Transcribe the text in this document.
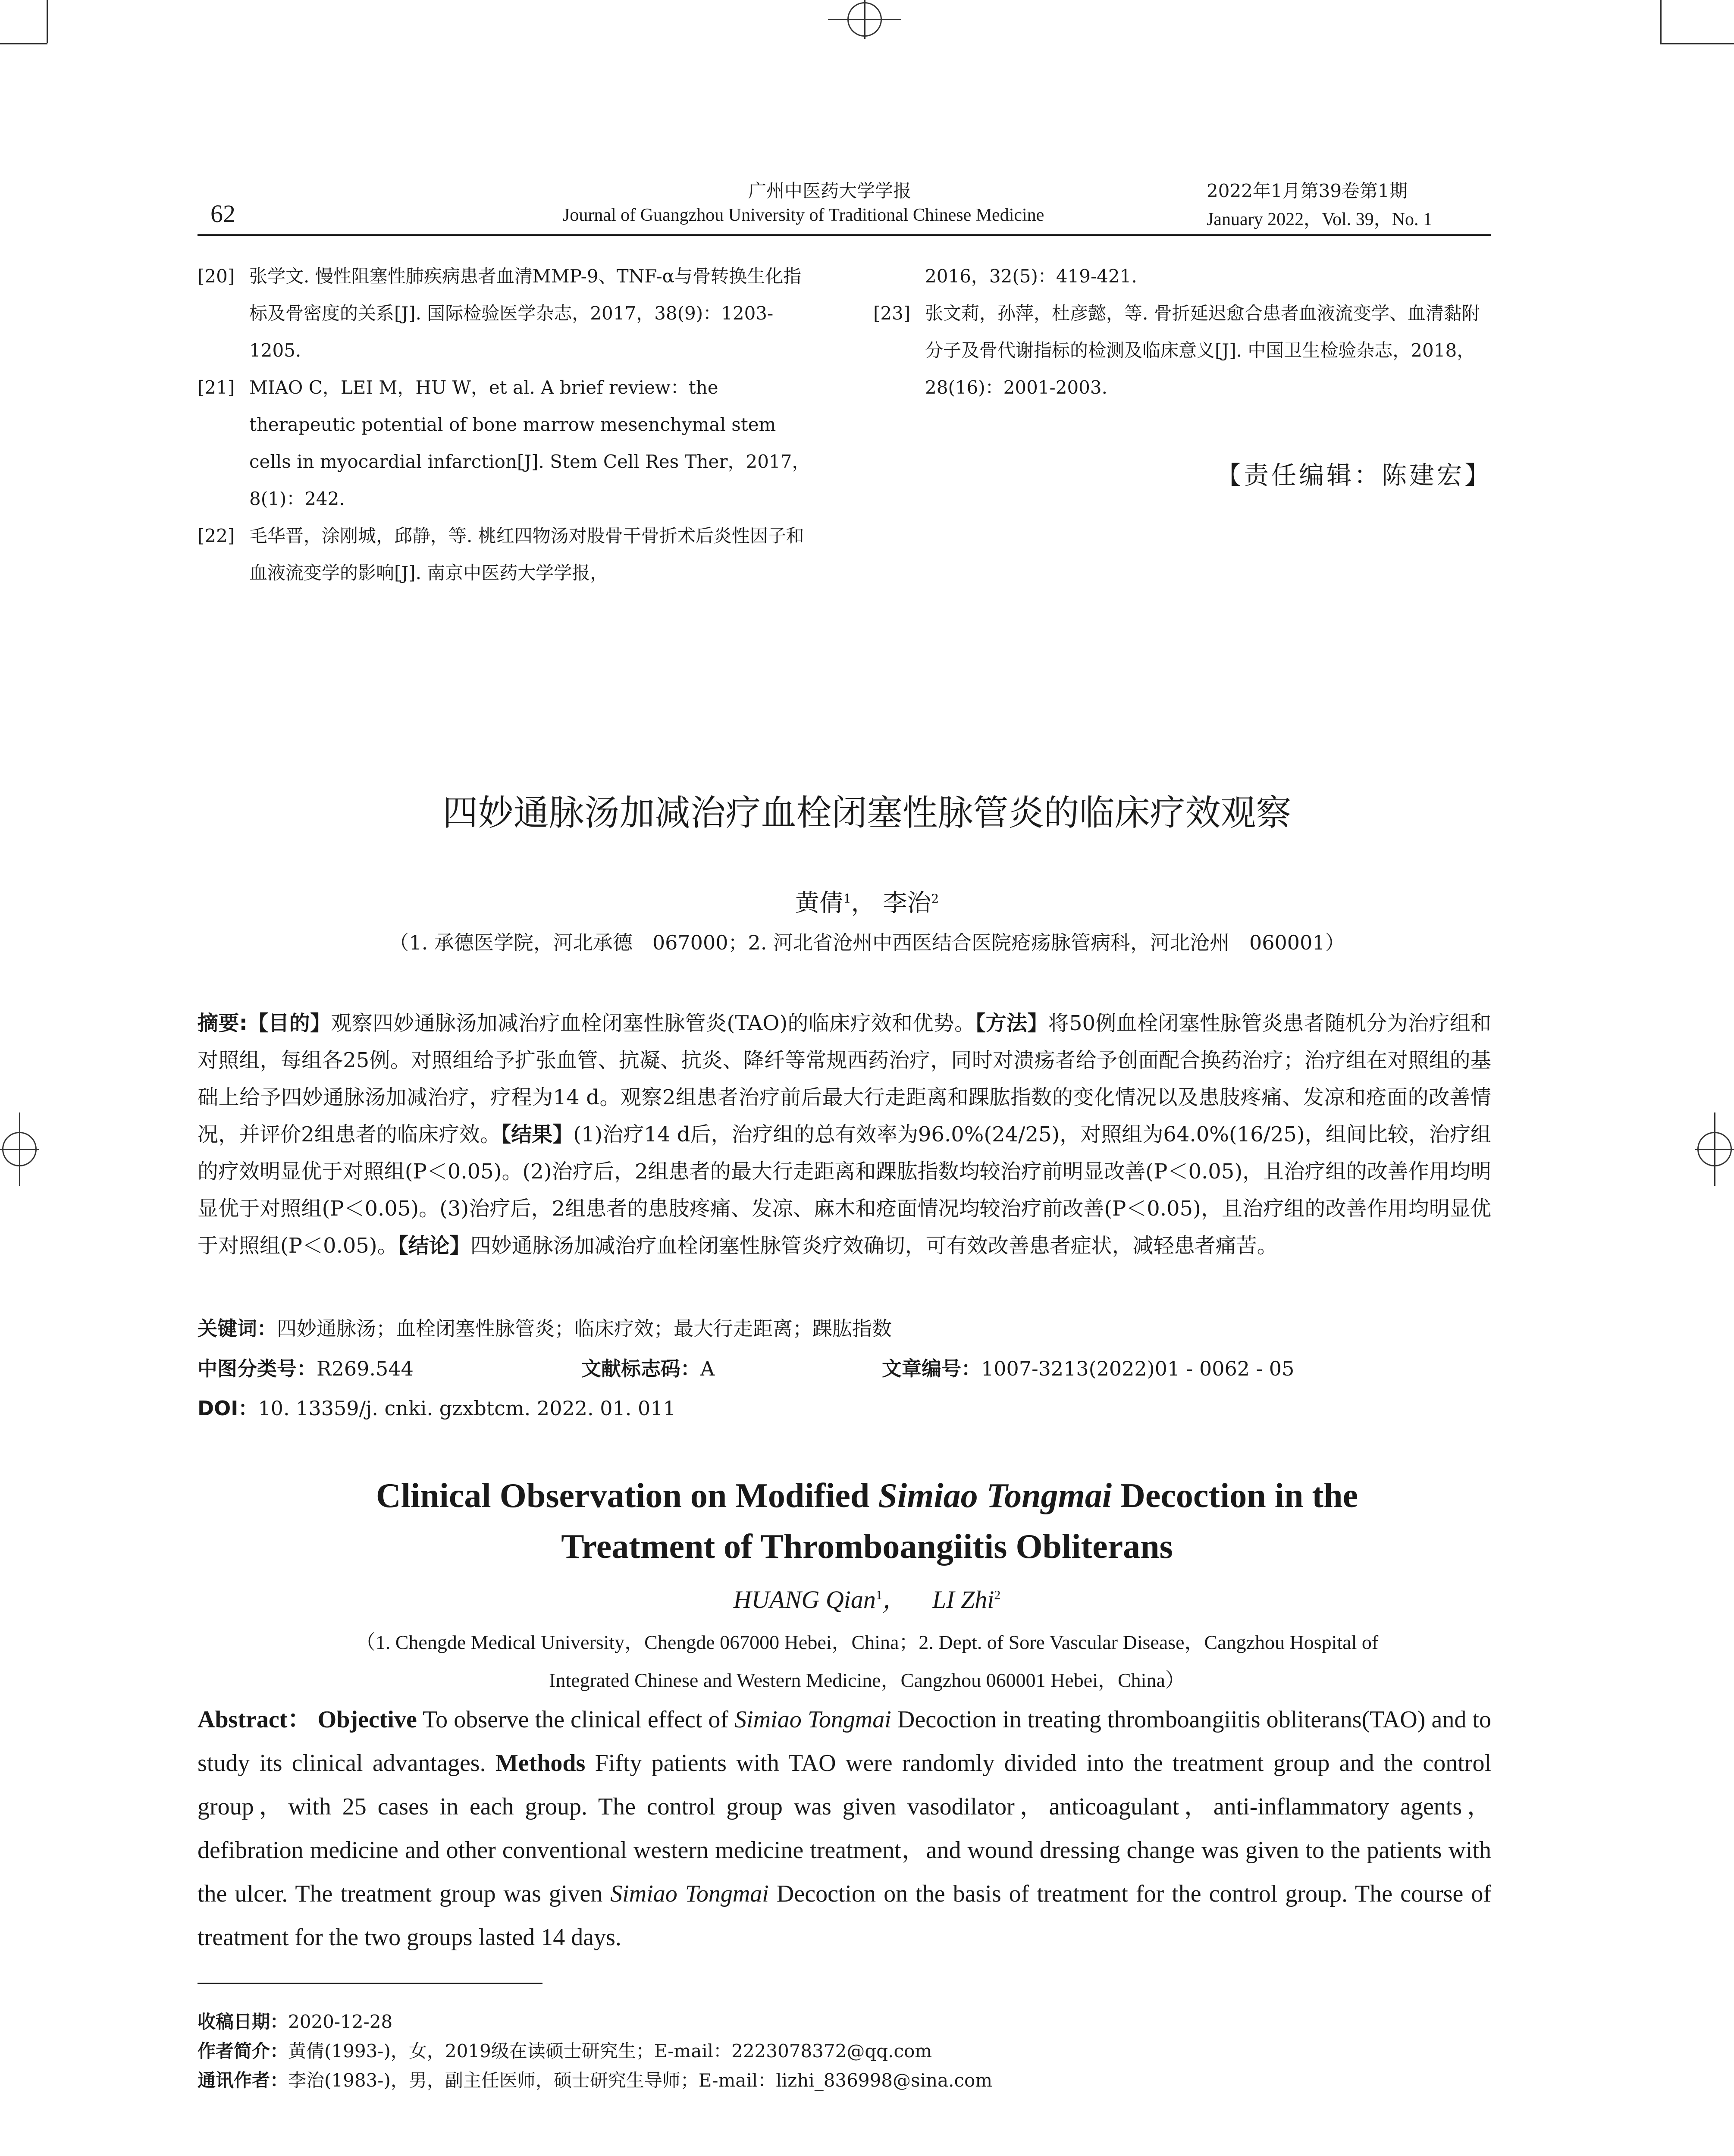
62
广州中医药大学学报
Journal of Guangzhou University of Traditional Chinese Medicine
2022年1月第39卷第1期
January 2022，Vol. 39，No. 1
[20] 张学文. 慢性阻塞性肺疾病患者血清MMP-9、TNF-α与骨转换生化指标及骨密度的关系[J]. 国际检验医学杂志，2017，38(9)：1203-1205.
[21] MIAO C，LEI M，HU W，et al. A brief review：the therapeutic potential of bone marrow mesenchymal stem cells in myocardial infarction[J]. Stem Cell Res Ther，2017，8(1)：242.
[22] 毛华晋，涂刚城，邱静，等. 桃红四物汤对股骨干骨折术后炎性因子和血液流变学的影响[J]. 南京中医药大学学报，
2016，32(5)：419-421.
[23] 张文莉，孙萍，杜彦懿，等. 骨折延迟愈合患者血液流变学、血清黏附分子及骨代谢指标的检测及临床意义[J]. 中国卫生检验杂志，2018，28(16)：2001-2003.
【责任编辑：陈建宏】
四妙通脉汤加减治疗血栓闭塞性脉管炎的临床疗效观察
黄倩$^1$， 李治$^2$
（1. 承德医学院，河北承德　067000；2. 河北省沧州中西医结合医院疮疡脉管病科，河北沧州　060001）
摘要:【目的】观察四妙通脉汤加减治疗血栓闭塞性脉管炎(TAO)的临床疗效和优势。【方法】将50例血栓闭塞性脉管炎患者随机分为治疗组和对照组，每组各25例。对照组给予扩张血管、抗凝、抗炎、降纤等常规西药治疗，同时对溃疡者给予创面配合换药治疗；治疗组在对照组的基础上给予四妙通脉汤加减治疗，疗程为14 d。观察2组患者治疗前后最大行走距离和踝肱指数的变化情况以及患肢疼痛、发凉和疮面的改善情况，并评价2组患者的临床疗效。【结果】(1)治疗14 d后，治疗组的总有效率为96.0%(24/25)，对照组为64.0%(16/25)，组间比较，治疗组的疗效明显优于对照组(P＜0.05)。(2)治疗后，2组患者的最大行走距离和踝肱指数均较治疗前明显改善(P＜0.05)，且治疗组的改善作用均明显优于对照组(P＜0.05)。(3)治疗后，2组患者的患肢疼痛、发凉、麻木和疮面情况均较治疗前改善(P＜0.05)，且治疗组的改善作用均明显优于对照组(P＜0.05)。【结论】四妙通脉汤加减治疗血栓闭塞性脉管炎疗效确切，可有效改善患者症状，减轻患者痛苦。
关键词：四妙通脉汤；血栓闭塞性脉管炎；临床疗效；最大行走距离；踝肱指数
中图分类号：R269.544	文献标志码：A	文章编号：1007-3213(2022)01 - 0062 - 05
DOI：10. 13359/j. cnki. gzxbtcm. 2022. 01. 011
Clinical Observation on Modified Simiao Tongmai Decoction in the
Treatment of Thromboangiitis Obliterans
HUANG Qian$^1$，    LI Zhi$^2$
（1. Chengde Medical University，Chengde 067000 Hebei，China；2. Dept. of Sore Vascular Disease，Cangzhou Hospital of
Integrated Chinese and Western Medicine，Cangzhou 060001 Hebei，China）
Abstract： Objective To observe the clinical effect of Simiao Tongmai Decoction in treating thromboangiitis obliterans(TAO) and to study its clinical advantages. Methods Fifty patients with TAO were randomly divided into the treatment group and the control group，with 25 cases in each group. The control group was given vasodilator，anticoagulant，anti-inflammatory agents，defibration medicine and other conventional western medicine treatment，and wound dressing change was given to the patients with the ulcer. The treatment group was given Simiao Tongmai Decoction on the basis of treatment for the control group. The course of treatment for the two groups lasted 14 days.
收稿日期：2020-12-28
作者简介：黄倩(1993-)，女，2019级在读硕士研究生；E-mail：2223078372@qq.com
通讯作者：李治(1983-)，男，副主任医师，硕士研究生导师；E-mail：lizhi_836998@sina.com
